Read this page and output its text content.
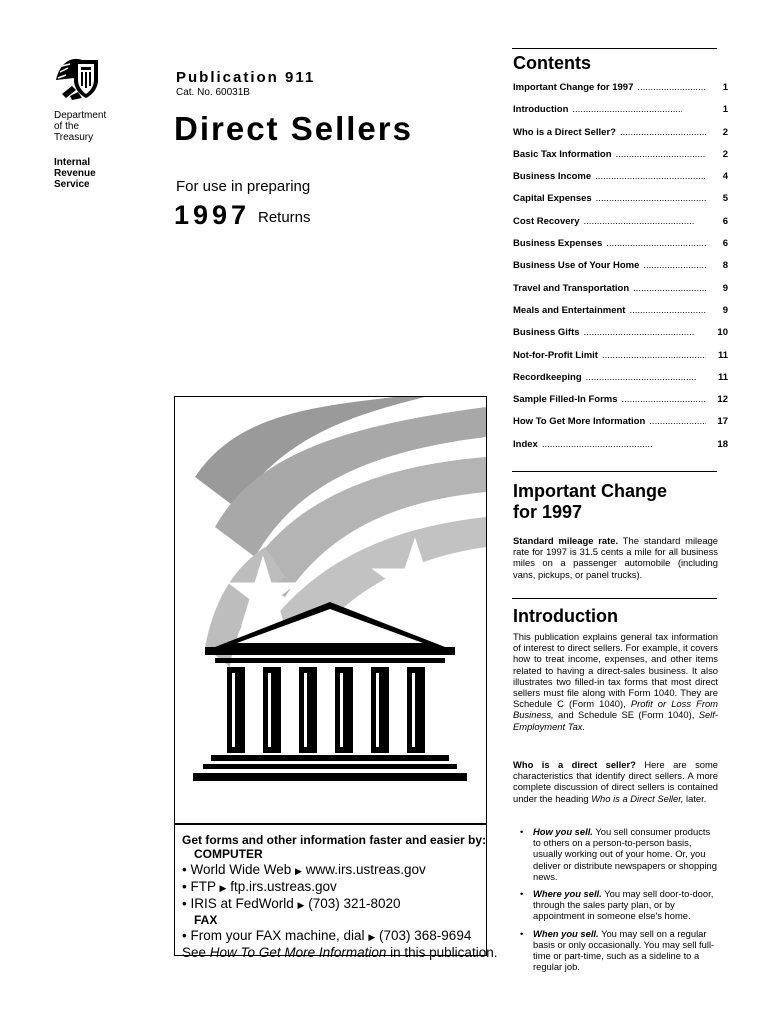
Department
of the
Treasury
Internal
Revenue
Service
Publication 911
Cat. No. 60031B
Direct Sellers
For use in preparing
1997 Returns
Get forms and other information faster and easier by:
COMPUTER
• World Wide Web ▶ www.irs.ustreas.gov
• FTP ▶ ftp.irs.ustreas.gov
• IRIS at FedWorld ▶ (703) 321-8020
FAX
• From your FAX machine, dial ▶ (703) 368-9694
See How To Get More Information in this publication.
Contents
Important Change for 1997 .....	1
Introduction .....	1
Who is a Direct Seller? .....	2
Basic Tax Information .....	2
Business Income .....	4
Capital Expenses .....	5
Cost Recovery .....	6
Business Expenses .....	6
Business Use of Your Home .....	8
Travel and Transportation .....	9
Meals and Entertainment .....	9
Business Gifts .....	10
Not-for-Profit Limit .....	11
Recordkeeping .....	11
Sample Filled-In Forms .....	12
How To Get More Information .....	17
Index .....	18
Important Change
for 1997
Standard mileage rate. The standard mileage rate for 1997 is 31.5 cents a mile for all business miles on a passenger automobile (including vans, pickups, or panel trucks).
Introduction
This publication explains general tax information of interest to direct sellers. For example, it covers how to treat income, expenses, and other items related to having a direct-sales business. It also illustrates two filled-in tax forms that most direct sellers must file along with Form 1040. They are Schedule C (Form 1040), Profit or Loss From Business, and Schedule SE (Form 1040), Self-Employment Tax.
Who is a direct seller? Here are some characteristics that identify direct sellers. A more complete discussion of direct sellers is contained under the heading Who is a Direct Seller, later.
• How you sell. You sell consumer products to others on a person-to-person basis, usually working out of your home. Or, you deliver or distribute newspapers or shopping news.
• Where you sell. You may sell door-to-door, through the sales party plan, or by appointment in someone else's home.
• When you sell. You may sell on a regular basis or only occasionally. You may sell full-time or part-time, such as a sideline to a regular job.
